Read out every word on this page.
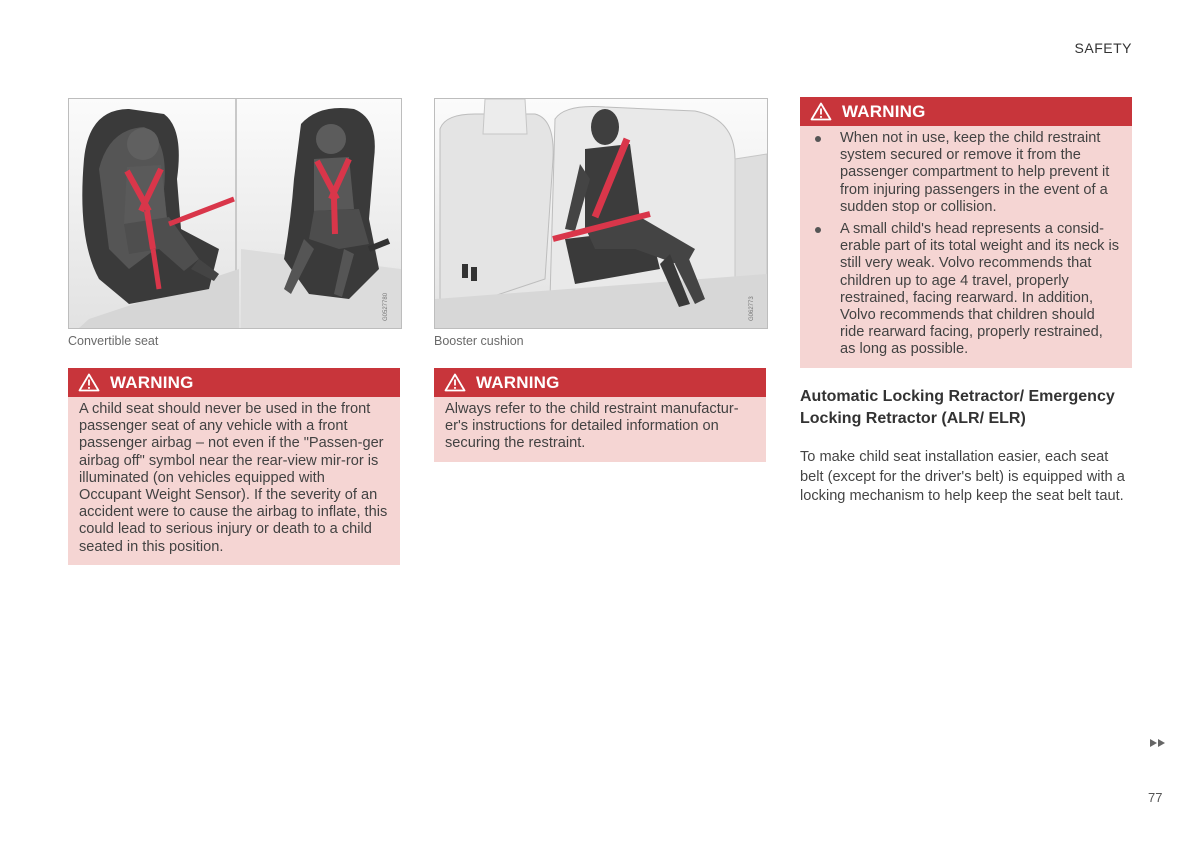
SAFETY
G0527780
Convertible seat
G062773
Booster cushion
WARNING
A child seat should never be used in the front passenger seat of any vehicle with a front passenger airbag – not even if the "Passen-ger airbag off" symbol near the rear-view mir-ror is illuminated (on vehicles equipped with Occupant Weight Sensor). If the severity of an accident were to cause the airbag to inflate, this could lead to serious injury or death to a child seated in this position.
WARNING
Always refer to the child restraint manufactur-er's instructions for detailed information on securing the restraint.
WARNING
When not in use, keep the child restraint system secured or remove it from the passenger compartment to help prevent it from injuring passengers in the event of a sudden stop or collision.
A small child's head represents a consid-erable part of its total weight and its neck is still very weak. Volvo recommends that children up to age 4 travel, properly restrained, facing rearward. In addition, Volvo recommends that children should ride rearward facing, properly restrained, as long as possible.
Automatic Locking Retractor/ Emergency Locking Retractor (ALR/ ELR)
To make child seat installation easier, each seat belt (except for the driver's belt) is equipped with a locking mechanism to help keep the seat belt taut.
77
